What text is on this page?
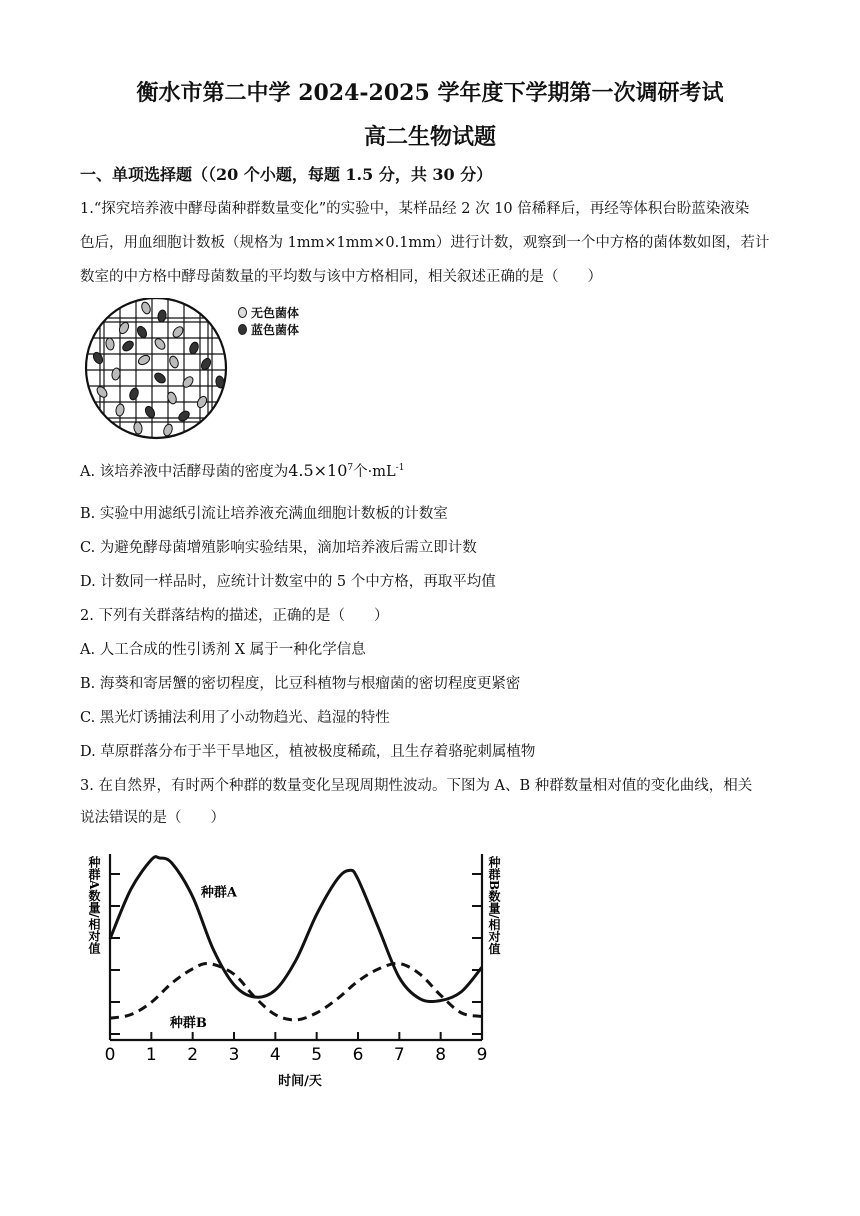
衡水市第二中学 2024-2025 学年度下学期第一次调研考试
高二生物试题
一、单项选择题（（20 个小题，每题 1.5 分，共 30 分）
1.“探究培养液中酵母菌种群数量变化”的实验中，某样品经 2 次 10 倍稀释后，再经等体积台盼蓝染液染
色后，用血细胞计数板（规格为 1mm×1mm×0.1mm）进行计数，观察到一个中方格的菌体数如图，若计
数室的中方格中酵母菌数量的平均数与该中方格相同，相关叙述正确的是（　　）
无色菌体
蓝色菌体
A. 该培养液中活酵母菌的密度为$4.5\times 10^7$个$\cdot mL^{-1}$
B. 实验中用滤纸引流让培养液充满血细胞计数板的计数室
C. 为避免酵母菌增殖影响实验结果，滴加培养液后需立即计数
D. 计数同一样品时，应统计计数室中的 5 个中方格，再取平均值
2. 下列有关群落结构的描述，正确的是（　　）
A. 人工合成的性引诱剂 X 属于一种化学信息
B. 海葵和寄居蟹的密切程度，比豆科植物与根瘤菌的密切程度更紧密
C. 黑光灯诱捕法利用了小动物趋光、趋湿的特性
D. 草原群落分布于半干旱地区，植被极度稀疏，且生存着骆驼刺属植物
3. 在自然界，有时两个种群的数量变化呈现周期性波动。下图为 A、B 种群数量相对值的变化曲线，相关
说法错误的是（　　）
种群A数量/相对值	种群B数量/相对值
0 1 2 3 4 5 6 7 8 9
种群A
种群B
时间/天
